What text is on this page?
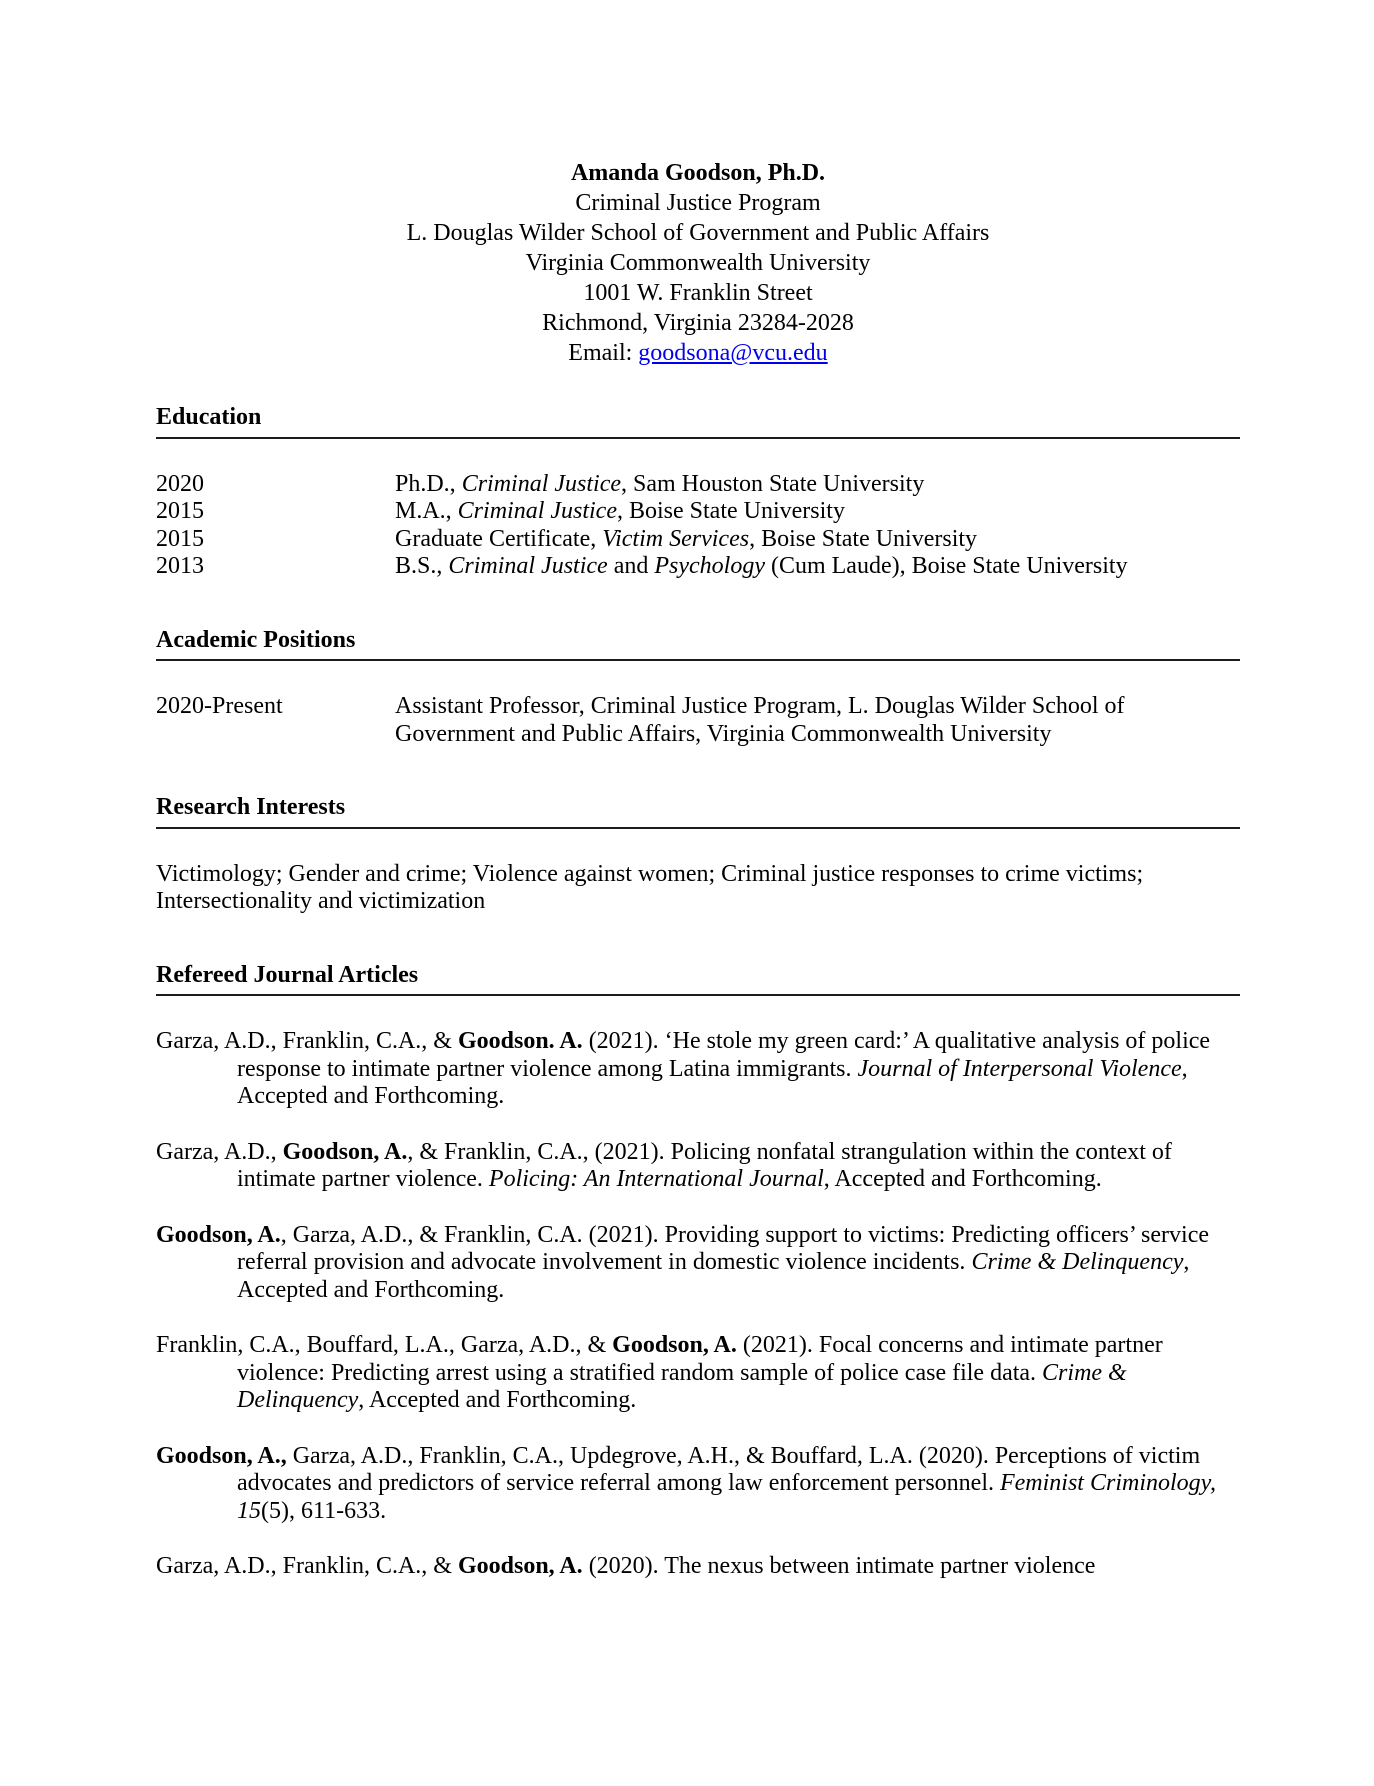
Amanda Goodson, Ph.D.
Criminal Justice Program
L. Douglas Wilder School of Government and Public Affairs
Virginia Commonwealth University
1001 W. Franklin Street
Richmond, Virginia 23284-2028
Email: goodsona@vcu.edu
Education
2020	Ph.D., Criminal Justice, Sam Houston State University
2015	M.A., Criminal Justice, Boise State University
2015	Graduate Certificate, Victim Services, Boise State University
2013	B.S., Criminal Justice and Psychology (Cum Laude), Boise State University
Academic Positions
2020-Present	Assistant Professor, Criminal Justice Program, L. Douglas Wilder School of Government and Public Affairs, Virginia Commonwealth University
Research Interests

Victimology; Gender and crime; Violence against women; Criminal justice responses to crime victims; Intersectionality and victimization

Refereed Journal Articles

Garza, A.D., Franklin, C.A., & Goodson. A. (2021). ‘He stole my green card:’ A qualitative analysis of police response to intimate partner violence among Latina immigrants. Journal of Interpersonal Violence, Accepted and Forthcoming.

Garza, A.D., Goodson, A., & Franklin, C.A., (2021). Policing nonfatal strangulation within the context of intimate partner violence. Policing: An International Journal, Accepted and Forthcoming.

Goodson, A., Garza, A.D., & Franklin, C.A. (2021). Providing support to victims: Predicting officers’ service referral provision and advocate involvement in domestic violence incidents. Crime & Delinquency, Accepted and Forthcoming.

Franklin, C.A., Bouffard, L.A., Garza, A.D., & Goodson, A. (2021). Focal concerns and intimate partner violence: Predicting arrest using a stratified random sample of police case file data. Crime & Delinquency, Accepted and Forthcoming.

Goodson, A., Garza, A.D., Franklin, C.A., Updegrove, A.H., & Bouffard, L.A. (2020). Perceptions of victim advocates and predictors of service referral among law enforcement personnel. Feminist Criminology, 15(5), 611-633.

Garza, A.D., Franklin, C.A., & Goodson, A. (2020). The nexus between intimate partner violence
